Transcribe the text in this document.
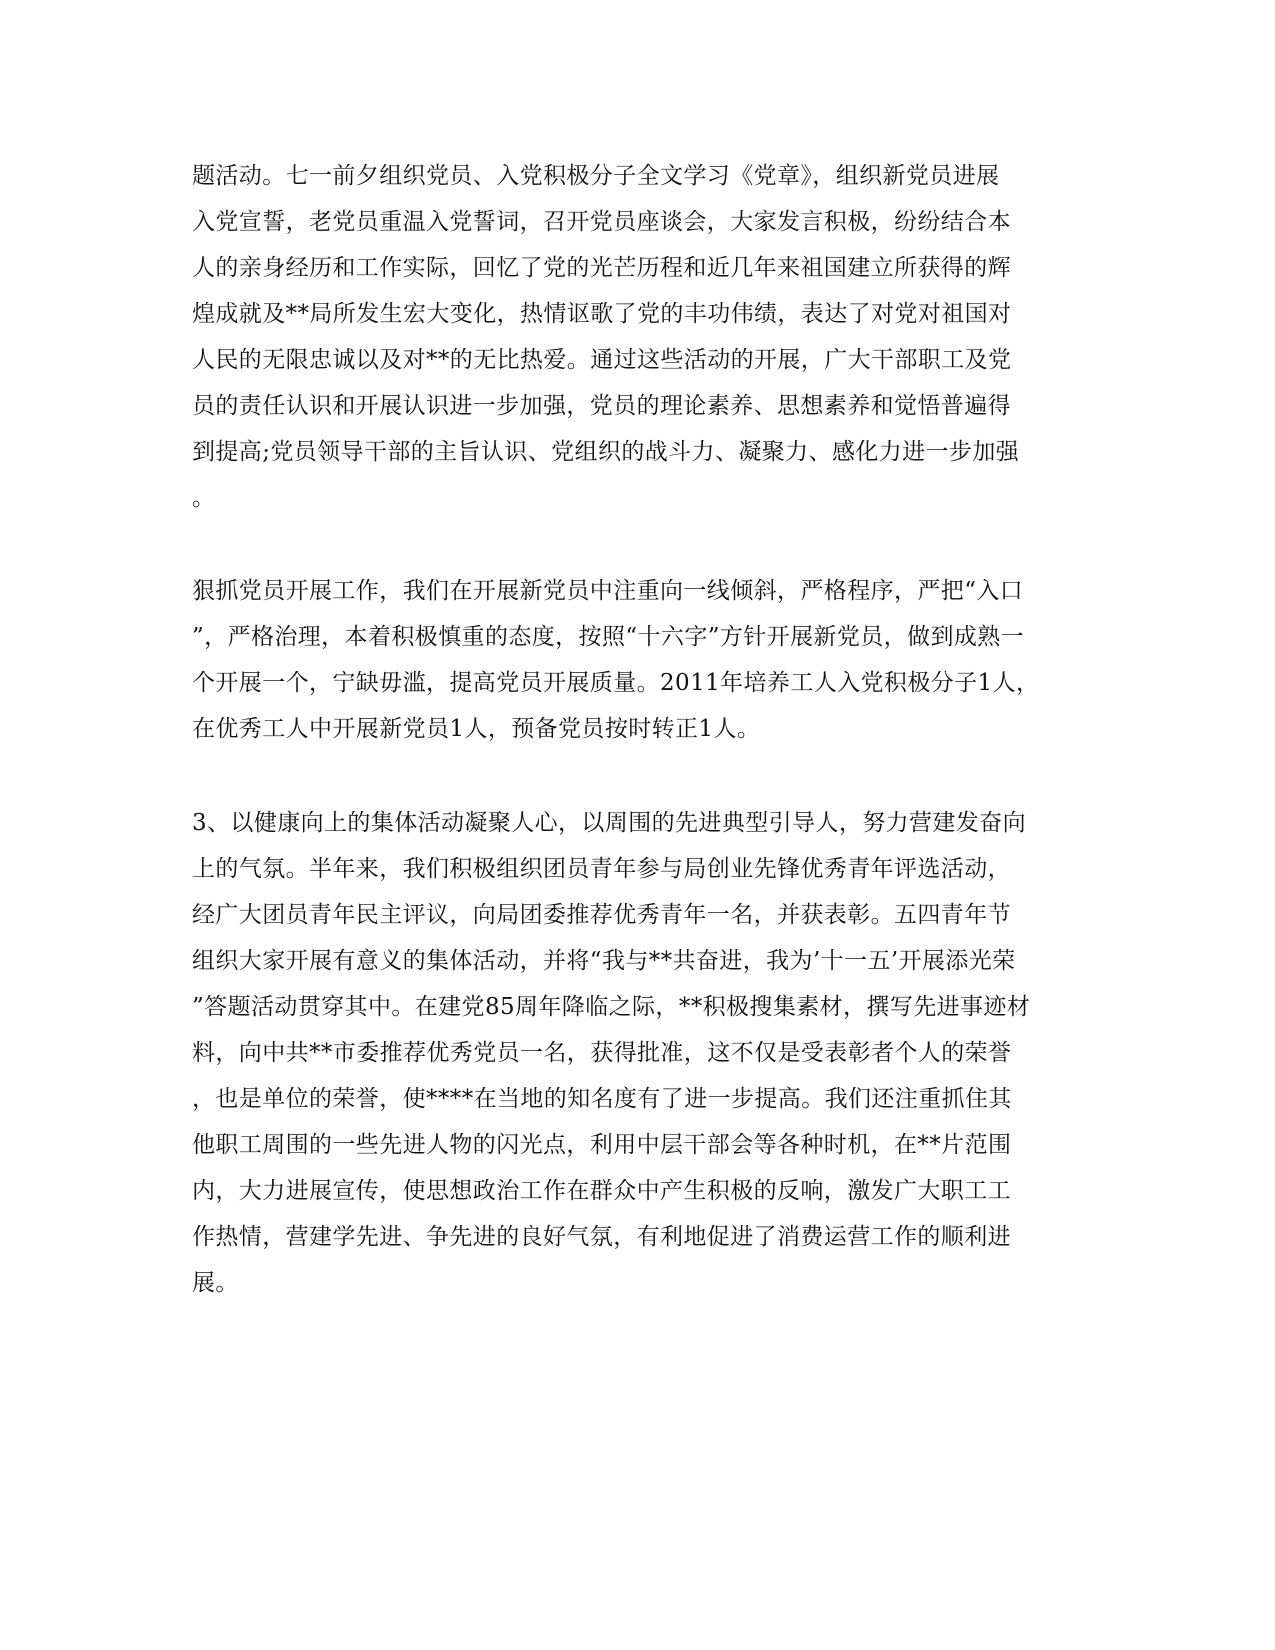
题活动。七一前夕组织党员、入党积极分子全文学习《党章》，组织新党员进展
入党宣誓，老党员重温入党誓词，召开党员座谈会，大家发言积极，纷纷结合本
人的亲身经历和工作实际，回忆了党的光芒历程和近几年来祖国建立所获得的辉
煌成就及**局所发生宏大变化，热情讴歌了党的丰功伟绩，表达了对党对祖国对
人民的无限忠诚以及对**的无比热爱。通过这些活动的开展，广大干部职工及党
员的责任认识和开展认识进一步加强，党员的理论素养、思想素养和觉悟普遍得
到提高;党员领导干部的主旨认识、党组织的战斗力、凝聚力、感化力进一步加强
。
狠抓党员开展工作，我们在开展新党员中注重向一线倾斜，严格程序，严把“入口
”，严格治理，本着积极慎重的态度，按照“十六字”方针开展新党员，做到成熟一
个开展一个，宁缺毋滥，提高党员开展质量。2011年培养工人入党积极分子1人，
在优秀工人中开展新党员1人，预备党员按时转正1人。
3、以健康向上的集体活动凝聚人心，以周围的先进典型引导人，努力营建发奋向
上的气氛。半年来，我们积极组织团员青年参与局创业先锋优秀青年评选活动，
经广大团员青年民主评议，向局团委推荐优秀青年一名，并获表彰。五四青年节
组织大家开展有意义的集体活动，并将“我与**共奋进，我为’十一五’开展添光荣
”答题活动贯穿其中。在建党85周年降临之际，**积极搜集素材，撰写先进事迹材
料，向中共**市委推荐优秀党员一名，获得批准，这不仅是受表彰者个人的荣誉
，也是单位的荣誉，使****在当地的知名度有了进一步提高。我们还注重抓住其
他职工周围的一些先进人物的闪光点，利用中层干部会等各种时机，在**片范围
内，大力进展宣传，使思想政治工作在群众中产生积极的反响，激发广大职工工
作热情，营建学先进、争先进的良好气氛，有利地促进了消费运营工作的顺利进
展。
